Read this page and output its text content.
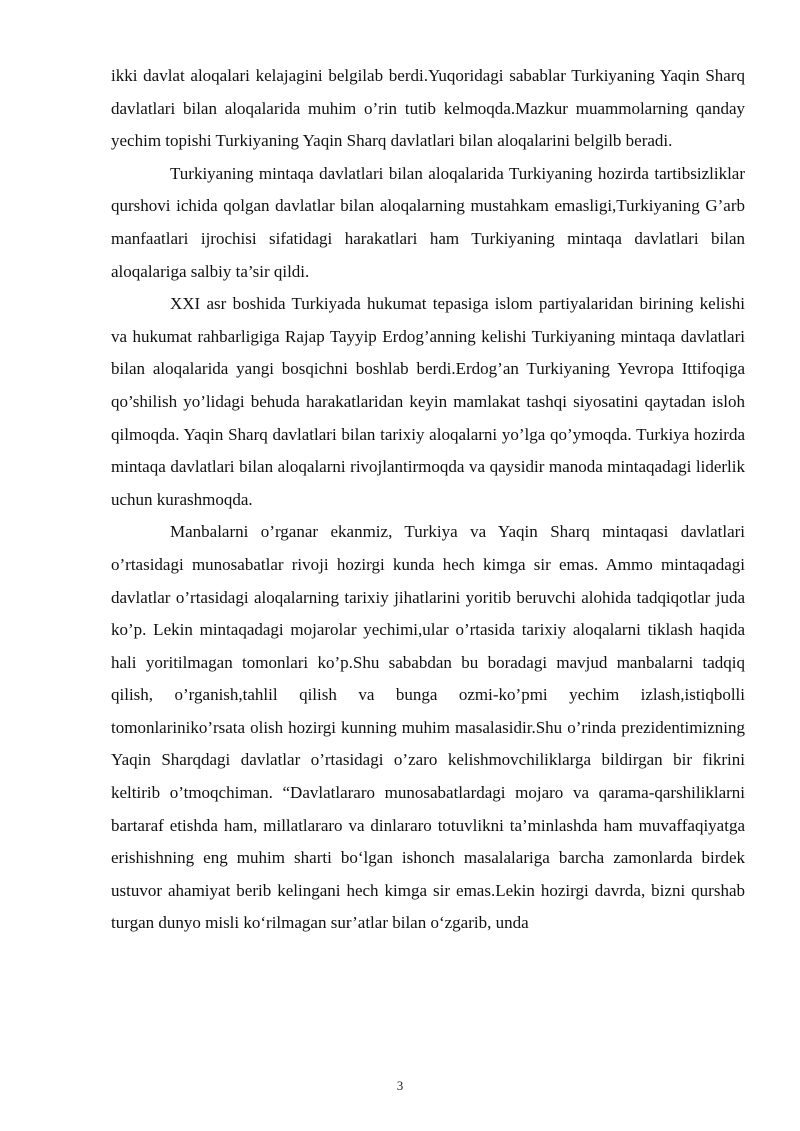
ikki davlat aloqalari kelajagini belgilab berdi.Yuqoridagi sabablar Turkiyaning Yaqin Sharq davlatlari bilan aloqalarida muhim o’rin tutib kelmoqda.Mazkur muammolarning qanday yechim topishi Turkiyaning Yaqin Sharq davlatlari bilan aloqalarini belgilb beradi.

Turkiyaning mintaqa davlatlari bilan aloqalarida Turkiyaning hozirda tartibsizliklar qurshovi ichida qolgan davlatlar bilan aloqalarning mustahkam emasligi,Turkiyaning G’arb manfaatlari ijrochisi sifatidagi harakatlari ham Turkiyaning mintaqa davlatlari bilan aloqalariga salbiy ta’sir qildi.

XXI asr boshida Turkiyada hukumat tepasiga islom partiyalaridan birining kelishi va hukumat rahbarligiga Rajap Tayyip Erdog’anning kelishi Turkiyaning mintaqa davlatlari bilan aloqalarida yangi bosqichni boshlab berdi.Erdog’an Turkiyaning Yevropa Ittifoqiga qo’shilish yo’lidagi behuda harakatlaridan keyin mamlakat tashqi siyosatini qaytadan isloh qilmoqda. Yaqin Sharq davlatlari bilan tarixiy aloqalarni yo’lga qo’ymoqda. Turkiya hozirda mintaqa davlatlari bilan aloqalarni rivojlantirmoqda va qaysidir manoda mintaqadagi liderlik uchun kurashmoqda.

Manbalarni o’rganar ekanmiz, Turkiya va Yaqin Sharq mintaqasi davlatlari o’rtasidagi munosabatlar rivoji hozirgi kunda hech kimga sir emas. Ammo mintaqadagi davlatlar o’rtasidagi aloqalarning tarixiy jihatlarini yoritib beruvchi alohida tadqiqotlar juda ko’p. Lekin mintaqadagi mojarolar yechimi,ular o’rtasida tarixiy aloqalarni tiklash haqida hali yoritilmagan tomonlari ko’p.Shu sababdan bu boradagi mavjud manbalarni tadqiq qilish, o’rganish,tahlil qilish va bunga ozmi-ko’pmi yechim izlash,istiqbolli tomonlariniko’rsata olish hozirgi kunning muhim masalasidir.Shu o’rinda prezidentimizning Yaqin Sharqdagi davlatlar o’rtasidagi o’zaro kelishmovchiliklarga bildirgan bir fikrini keltirib o’tmoqchiman. “Davlatlararo munosabatlardagi mojaro va qarama-qarshiliklarni bartaraf etishda ham, millatlararo va dinlararo totuvlikni ta’minlashda ham muvaffaqiyatga erishishning eng muhim sharti bo‘lgan ishonch masalalariga barcha zamonlarda birdek ustuvor ahamiyat berib kelingani hech kimga sir emas.Lekin hozirgi davrda, bizni qurshab turgan dunyo misli ko‘rilmagan sur’atlar bilan o‘zgarib, unda

3
